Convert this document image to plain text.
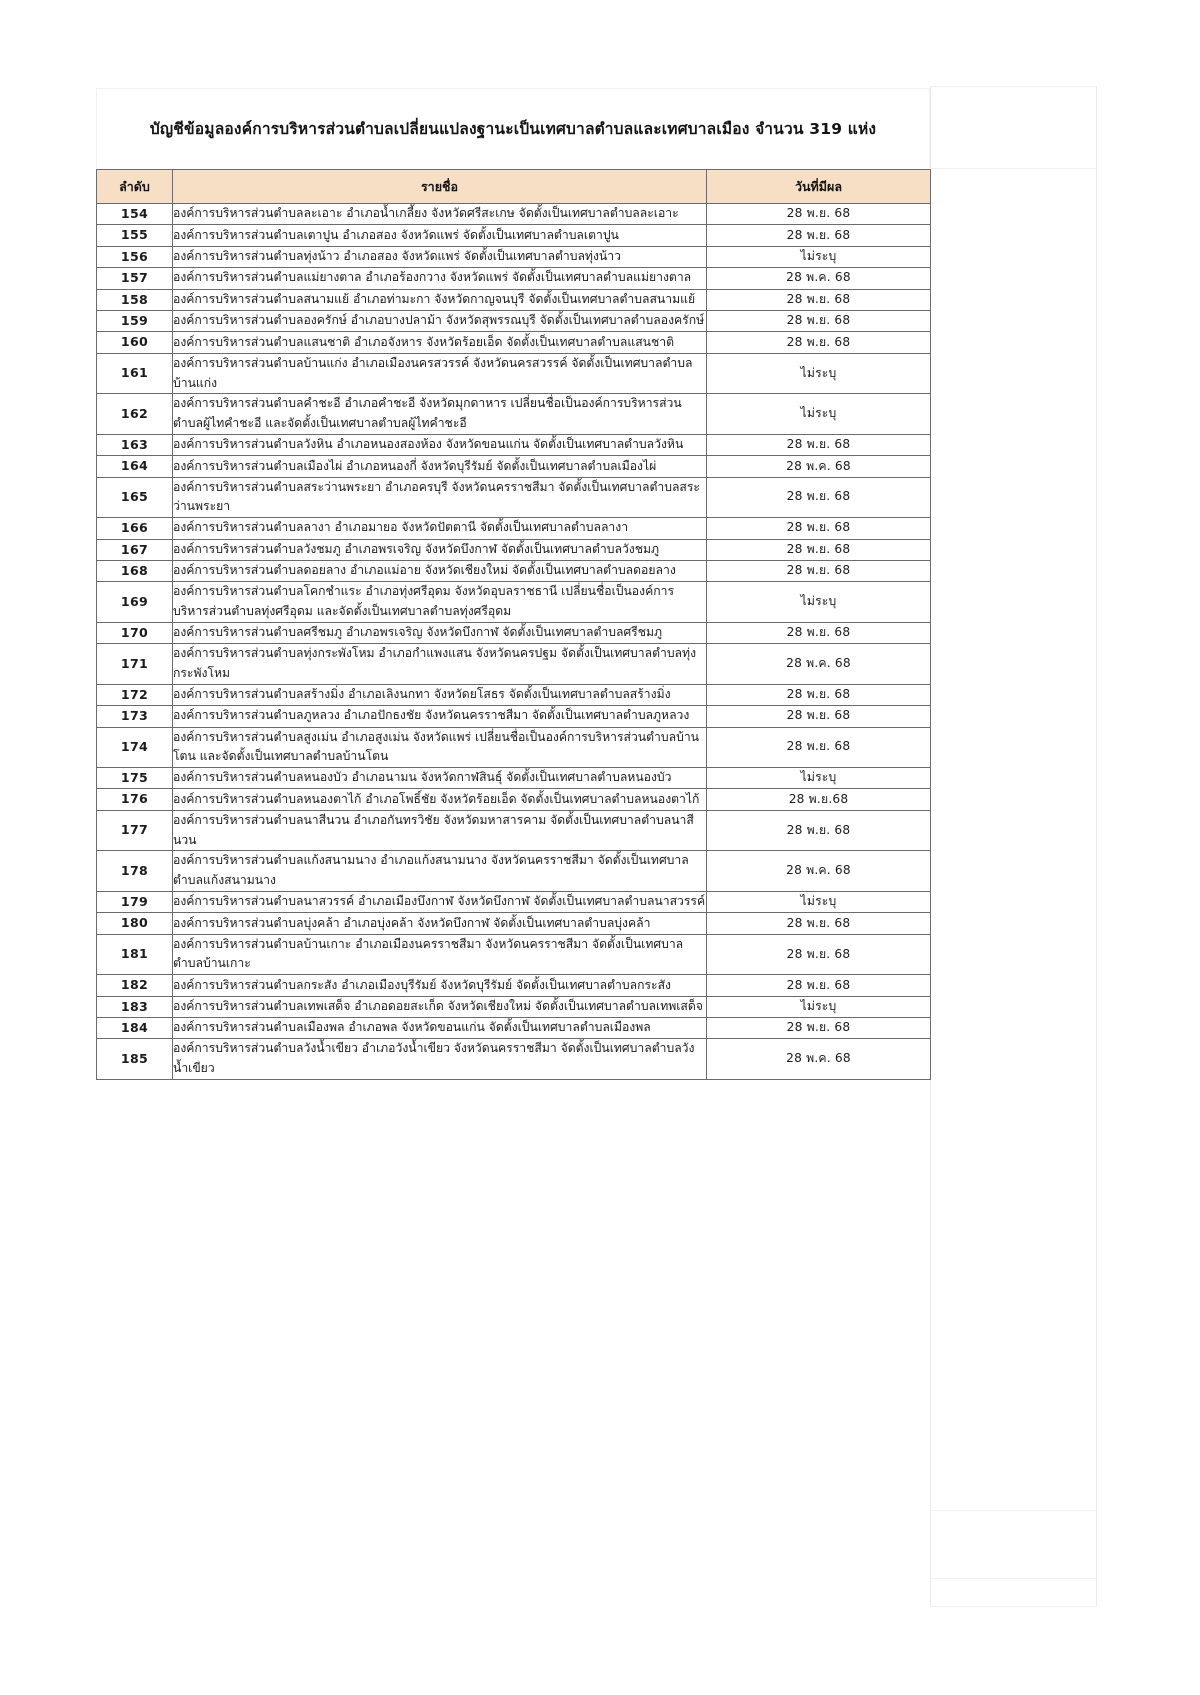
บัญชีข้อมูลองค์การบริหารส่วนตำบลเปลี่ยนแปลงฐานะเป็นเทศบาลตำบลและเทศบาลเมือง จำนวน 319 แห่ง
ลำดับ	รายชื่อ	วันที่มีผล
154	องค์การบริหารส่วนตำบลละเอาะ อำเภอน้ำเกลี้ยง จังหวัดศรีสะเกษ จัดตั้งเป็นเทศบาลตำบลละเอาะ	28 พ.ย. 68
155	องค์การบริหารส่วนตำบลเตาปูน อำเภอสอง จังหวัดแพร่ จัดตั้งเป็นเทศบาลตำบลเตาปูน	28 พ.ย. 68
156	องค์การบริหารส่วนตำบลทุ่งน้าว อำเภอสอง จังหวัดแพร่ จัดตั้งเป็นเทศบาลตำบลทุ่งน้าว	ไม่ระบุ
157	องค์การบริหารส่วนตำบลแม่ยางตาล อำเภอร้องกวาง จังหวัดแพร่ จัดตั้งเป็นเทศบาลตำบลแม่ยางตาล	28 พ.ค. 68
158	องค์การบริหารส่วนตำบลสนามแย้ อำเภอท่ามะกา จังหวัดกาญจนบุรี จัดตั้งเป็นเทศบาลตำบลสนามแย้	28 พ.ย. 68
159	องค์การบริหารส่วนตำบลองครักษ์ อำเภอบางปลาม้า จังหวัดสุพรรณบุรี จัดตั้งเป็นเทศบาลตำบลองครักษ์	28 พ.ย. 68
160	องค์การบริหารส่วนตำบลแสนชาติ อำเภอจังหาร จังหวัดร้อยเอ็ด จัดตั้งเป็นเทศบาลตำบลแสนชาติ	28 พ.ย. 68
161	องค์การบริหารส่วนตำบลบ้านแก่ง อำเภอเมืองนครสวรรค์ จังหวัดนครสวรรค์ จัดตั้งเป็นเทศบาลตำบลบ้านแก่ง	ไม่ระบุ
162	องค์การบริหารส่วนตำบลคำชะอี อำเภอคำชะอี จังหวัดมุกดาหาร เปลี่ยนชื่อเป็นองค์การบริหารส่วนตำบลผู้ไทคำชะอี และจัดตั้งเป็นเทศบาลตำบลผู้ไทคำชะอี	ไม่ระบุ
163	องค์การบริหารส่วนตำบลวังหิน อำเภอหนองสองห้อง จังหวัดขอนแก่น จัดตั้งเป็นเทศบาลตำบลวังหิน	28 พ.ย. 68
164	องค์การบริหารส่วนตำบลเมืองไผ่ อำเภอหนองกี่ จังหวัดบุรีรัมย์ จัดตั้งเป็นเทศบาลตำบลเมืองไผ่	28 พ.ค. 68
165	องค์การบริหารส่วนตำบลสระว่านพระยา อำเภอครบุรี จังหวัดนครราชสีมา จัดตั้งเป็นเทศบาลตำบลสระว่านพระยา	28 พ.ย. 68
166	องค์การบริหารส่วนตำบลลางา อำเภอมายอ จังหวัดปัตตานี จัดตั้งเป็นเทศบาลตำบลลางา	28 พ.ย. 68
167	องค์การบริหารส่วนตำบลวังชมภู อำเภอพรเจริญ จังหวัดบึงกาฬ จัดตั้งเป็นเทศบาลตำบลวังชมภู	28 พ.ย. 68
168	องค์การบริหารส่วนตำบลดอยลาง อำเภอแม่อาย จังหวัดเชียงใหม่ จัดตั้งเป็นเทศบาลตำบลดอยลาง	28 พ.ย. 68
169	องค์การบริหารส่วนตำบลโคกชำแระ อำเภอทุ่งศรีอุดม จังหวัดอุบลราชธานี เปลี่ยนชื่อเป็นองค์การบริหารส่วนตำบลทุ่งศรีอุดม และจัดตั้งเป็นเทศบาลตำบลทุ่งศรีอุดม	ไม่ระบุ
170	องค์การบริหารส่วนตำบลศรีชมภู อำเภอพรเจริญ จังหวัดบึงกาฬ จัดตั้งเป็นเทศบาลตำบลศรีชมภู	28 พ.ย. 68
171	องค์การบริหารส่วนตำบลทุ่งกระพังโหม อำเภอกำแพงแสน จังหวัดนครปฐม จัดตั้งเป็นเทศบาลตำบลทุ่งกระพังโหม	28 พ.ค. 68
172	องค์การบริหารส่วนตำบลสร้างมิ่ง อำเภอเลิงนกทา จังหวัดยโสธร จัดตั้งเป็นเทศบาลตำบลสร้างมิ่ง	28 พ.ย. 68
173	องค์การบริหารส่วนตำบลภูหลวง อำเภอปักธงชัย จังหวัดนครราชสีมา จัดตั้งเป็นเทศบาลตำบลภูหลวง	28 พ.ย. 68
174	องค์การบริหารส่วนตำบลสูงเม่น อำเภอสูงเม่น จังหวัดแพร่ เปลี่ยนชื่อเป็นองค์การบริหารส่วนตำบลบ้านโตน และจัดตั้งเป็นเทศบาลตำบลบ้านโตน	28 พ.ย. 68
175	องค์การบริหารส่วนตำบลหนองบัว อำเภอนามน จังหวัดกาฬสินธุ์ จัดตั้งเป็นเทศบาลตำบลหนองบัว	ไม่ระบุ
176	องค์การบริหารส่วนตำบลหนองตาไก้ อำเภอโพธิ์ชัย จังหวัดร้อยเอ็ด จัดตั้งเป็นเทศบาลตำบลหนองตาไก้	28 พ.ย.68
177	องค์การบริหารส่วนตำบลนาสีนวน อำเภอกันทรวิชัย จังหวัดมหาสารคาม จัดตั้งเป็นเทศบาลตำบลนาสีนวน	28 พ.ย. 68
178	องค์การบริหารส่วนตำบลแก้งสนามนาง อำเภอแก้งสนามนาง จังหวัดนครราชสีมา จัดตั้งเป็นเทศบาลตำบลแก้งสนามนาง	28 พ.ค. 68
179	องค์การบริหารส่วนตำบลนาสวรรค์ อำเภอเมืองบึงกาฬ จังหวัดบึงกาฬ จัดตั้งเป็นเทศบาลตำบลนาสวรรค์	ไม่ระบุ
180	องค์การบริหารส่วนตำบลบุ่งคล้า อำเภอบุ่งคล้า จังหวัดบึงกาฬ จัดตั้งเป็นเทศบาลตำบลบุ่งคล้า	28 พ.ย. 68
181	องค์การบริหารส่วนตำบลบ้านเกาะ อำเภอเมืองนครราชสีมา จังหวัดนครราชสีมา จัดตั้งเป็นเทศบาลตำบลบ้านเกาะ	28 พ.ย. 68
182	องค์การบริหารส่วนตำบลกระสัง อำเภอเมืองบุรีรัมย์ จังหวัดบุรีรัมย์ จัดตั้งเป็นเทศบาลตำบลกระสัง	28 พ.ย. 68
183	องค์การบริหารส่วนตำบลเทพเสด็จ อำเภอดอยสะเก็ด จังหวัดเชียงใหม่ จัดตั้งเป็นเทศบาลตำบลเทพเสด็จ	ไม่ระบุ
184	องค์การบริหารส่วนตำบลเมืองพล อำเภอพล จังหวัดขอนแก่น จัดตั้งเป็นเทศบาลตำบลเมืองพล	28 พ.ย. 68
185	องค์การบริหารส่วนตำบลวังน้ำเขียว อำเภอวังน้ำเขียว จังหวัดนครราชสีมา จัดตั้งเป็นเทศบาลตำบลวังน้ำเขียว	28 พ.ค. 68
